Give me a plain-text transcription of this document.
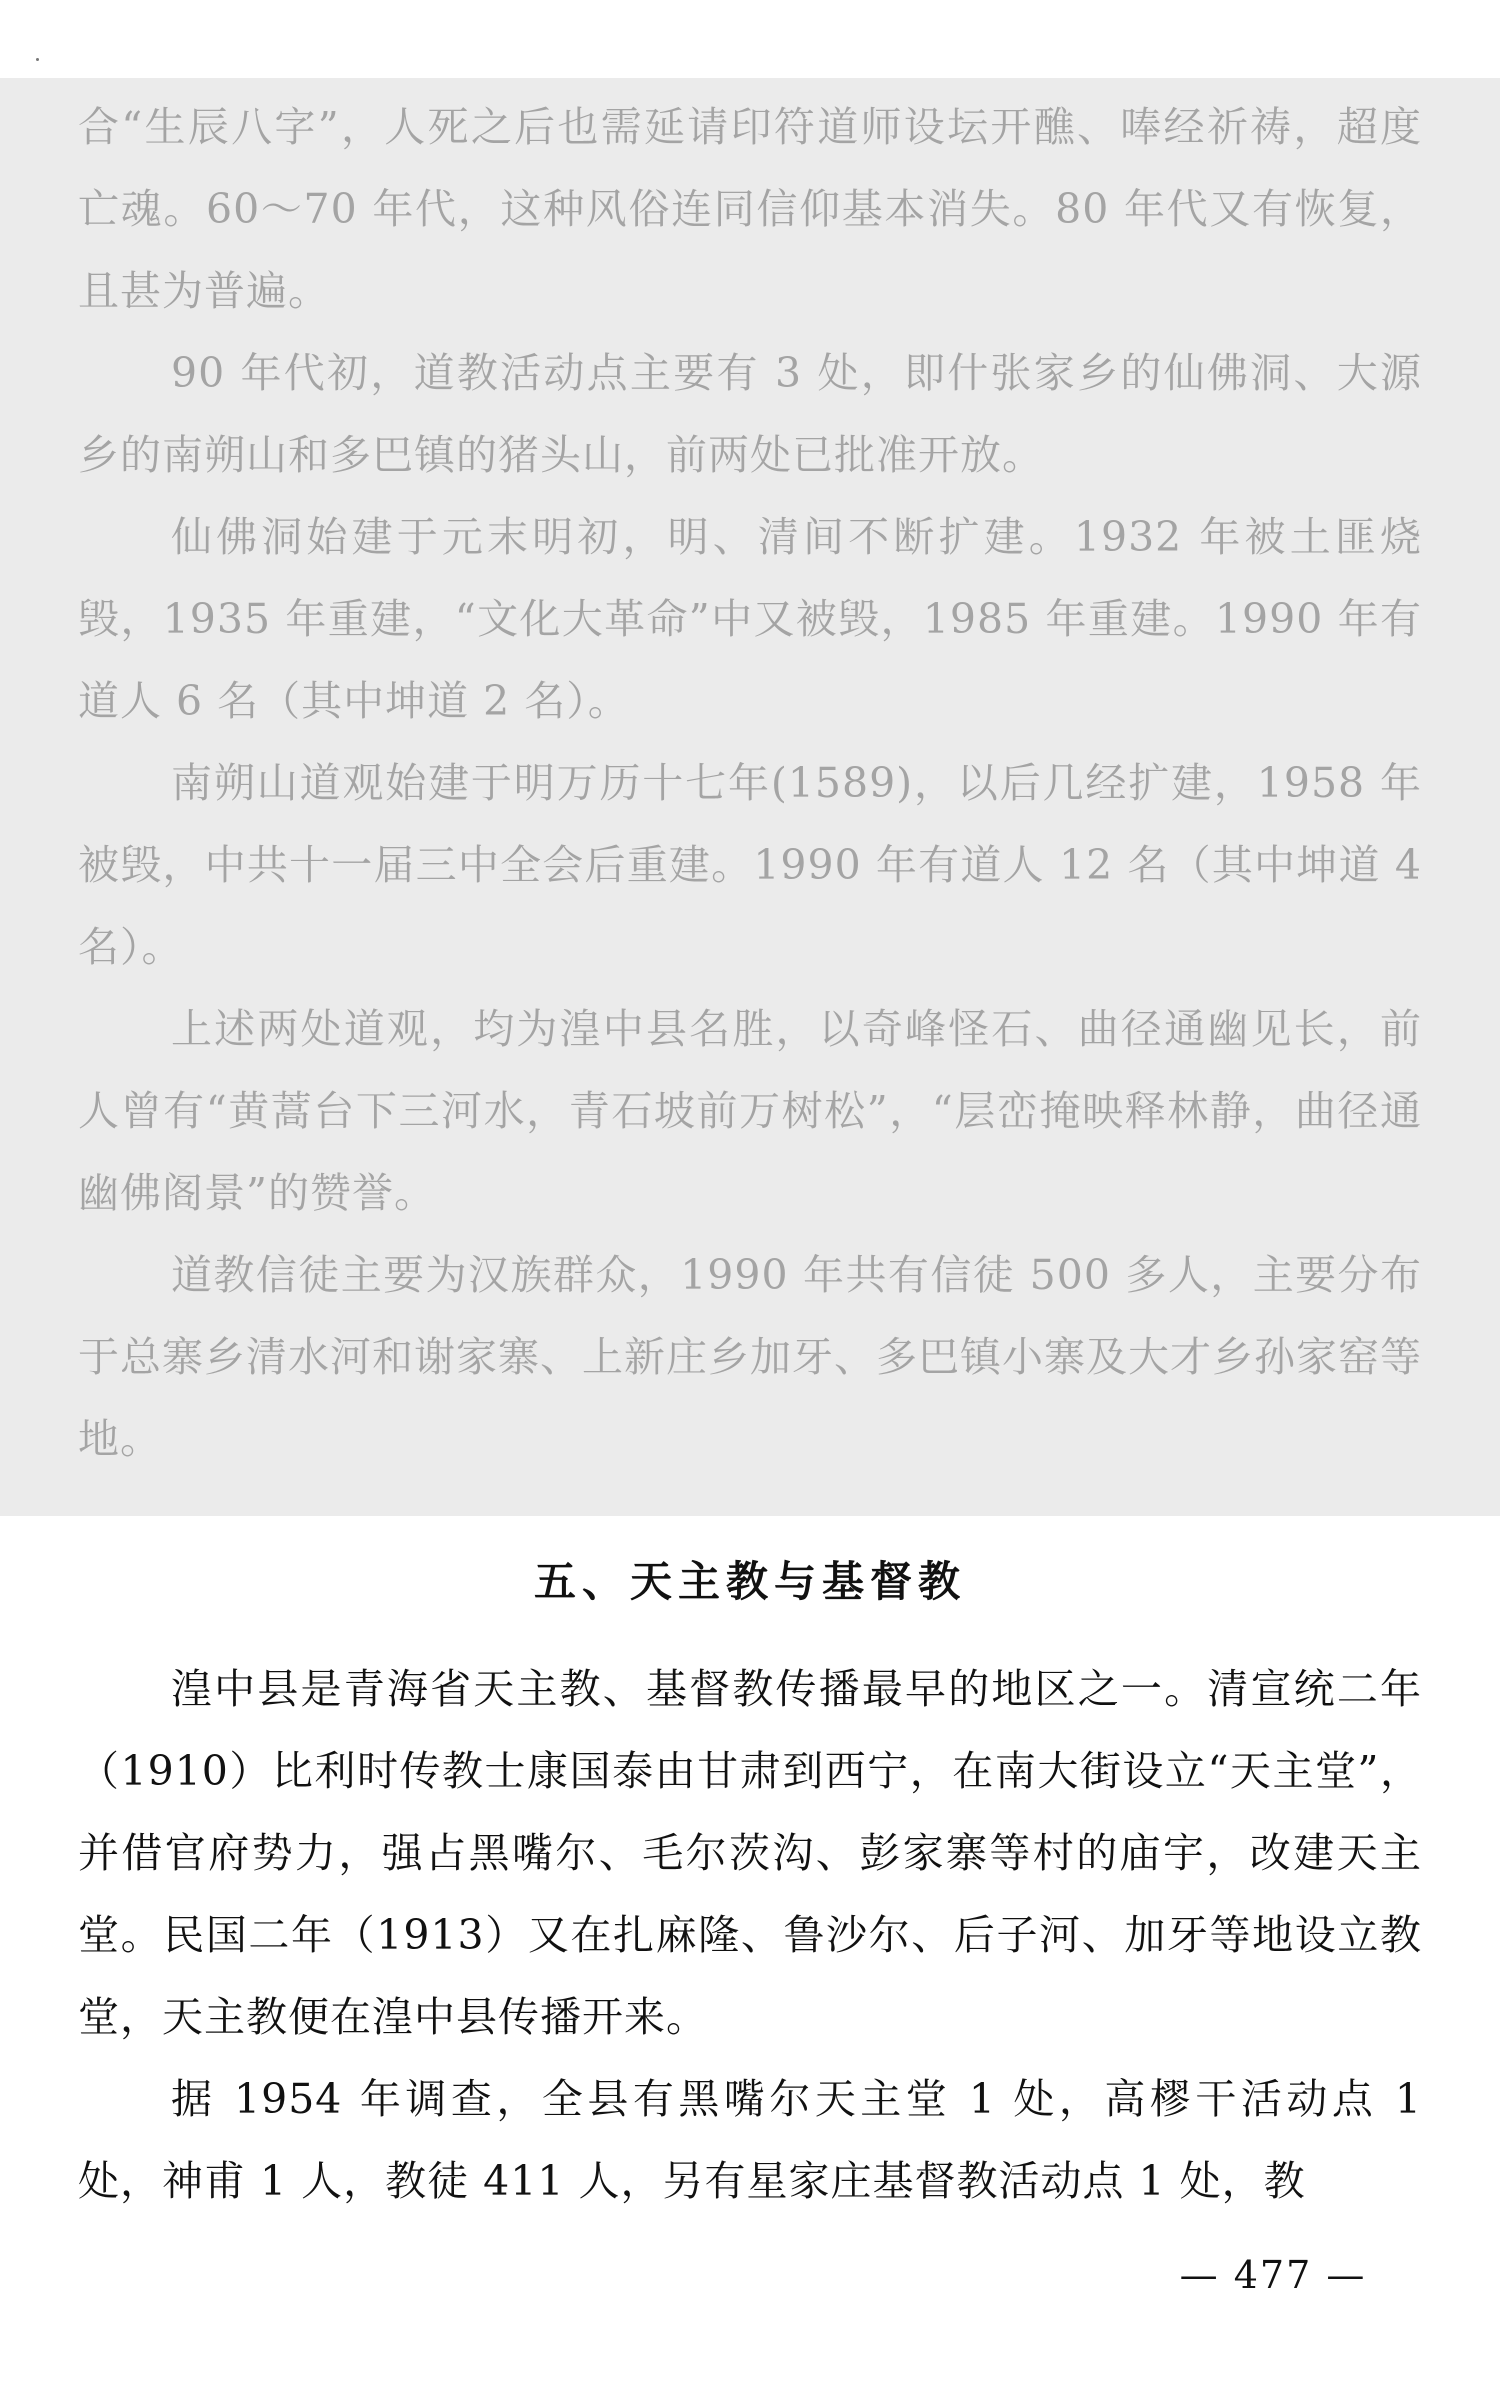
合“生辰八字”，人死之后也需延请印符道师设坛开醮、唪经祈祷，超度亡魂。60～70 年代，这种风俗连同信仰基本消失。80 年代又有恢复，且甚为普遍。

90 年代初，道教活动点主要有 3 处，即什张家乡的仙佛洞、大源乡的南朔山和多巴镇的猪头山，前两处已批准开放。

仙佛洞始建于元末明初，明、清间不断扩建。1932 年被土匪烧毁，1935 年重建，“文化大革命”中又被毁，1985 年重建。1990 年有道人 6 名（其中坤道 2 名）。

南朔山道观始建于明万历十七年(1589)，以后几经扩建，1958 年被毁，中共十一届三中全会后重建。1990 年有道人 12 名（其中坤道 4 名）。

上述两处道观，均为湟中县名胜，以奇峰怪石、曲径通幽见长，前人曾有“黄蒿台下三河水，青石坡前万树松”，“层峦掩映释林静，曲径通幽佛阁景”的赞誉。

道教信徒主要为汉族群众，1990 年共有信徒 500 多人，主要分布于总寨乡清水河和谢家寨、上新庄乡加牙、多巴镇小寨及大才乡孙家窑等地。

五、天主教与基督教

湟中县是青海省天主教、基督教传播最早的地区之一。清宣统二年（1910）比利时传教士康国泰由甘肃到西宁，在南大街设立“天主堂”，并借官府势力，强占黑嘴尔、毛尔茨沟、彭家寨等村的庙宇，改建天主堂。民国二年（1913）又在扎麻隆、鲁沙尔、后子河、加牙等地设立教堂，天主教便在湟中县传播开来。

据 1954 年调查，全县有黑嘴尔天主堂 1 处，高樛干活动点 1 处，神甫 1 人，教徒 411 人，另有星家庄基督教活动点 1 处，教

— 477 —
